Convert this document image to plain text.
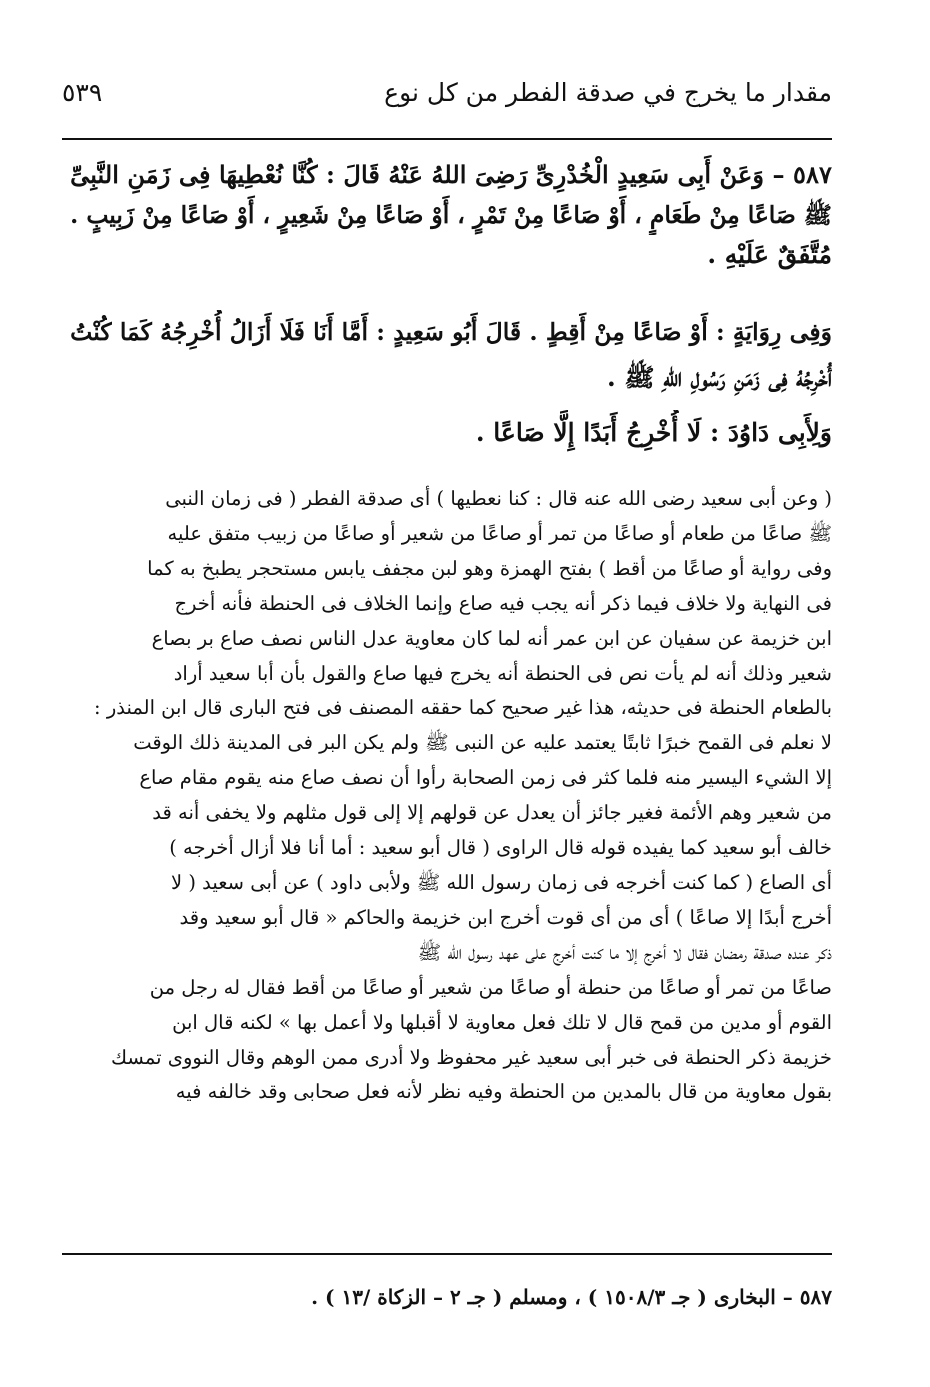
مقدار ما يخرج في صدقة الفطر من كل نوع
٥٣٩
٥٨٧ – وَعَنْ أَبِى سَعِيدٍ الْخُدْرِىِّ رَضِىَ اللهُ عَنْهُ قَالَ : كُنَّا نُعْطِيهَا فِى زَمَنِ النَّبِىِّ
ﷺ صَاعًا مِنْ طَعَامٍ ، أَوْ صَاعًا مِنْ تَمْرٍ ، أَوْ صَاعًا مِنْ شَعِيرٍ ، أَوْ صَاعًا مِنْ زَبِيبٍ .
مُتَّفَقٌ عَلَيْهِ .
وَفِى رِوَايَةٍ : أَوْ صَاعًا مِنْ أَقِطٍ . قَالَ أَبُو سَعِيدٍ : أَمَّا أَنَا فَلَا أَزَالُ أُخْرِجُهُ كَمَا كُنْتُ
أُخْرِجُهُ فِى زَمَنِ رَسُولِ اللهِ ﷺ .
وَلِأَبِى دَاوُدَ : لَا أُخْرِجُ أَبَدًا إِلَّا صَاعًا .
( وعن أبى سعيد رضى الله عنه قال : كنا نعطيها ) أى صدقة الفطر ( فى زمان النبى
ﷺ صاعًا من طعام أو صاعًا من تمر أو صاعًا من شعير أو صاعًا من زبيب متفق عليه
وفى رواية أو صاعًا من أقط ) بفتح الهمزة وهو لبن مجفف يابس مستحجر يطبخ به كما
فى النهاية ولا خلاف فيما ذكر أنه يجب فيه صاع وإنما الخلاف فى الحنطة فأنه أخرج
ابن خزيمة عن سفيان عن ابن عمر أنه لما كان معاوية عدل الناس نصف صاع بر بصاع
شعير وذلك أنه لم يأت نص فى الحنطة أنه يخرج فيها صاع والقول بأن أبا سعيد أراد
بالطعام الحنطة فى حديثه، هذا غير صحيح كما حققه المصنف فى فتح البارى قال ابن المنذر :
لا نعلم فى القمح خبرًا ثابتًا يعتمد عليه عن النبى ﷺ ولم يكن البر فى المدينة ذلك الوقت
إلا الشيء اليسير منه فلما كثر فى زمن الصحابة رأوا أن نصف صاع منه يقوم مقام صاع
من شعير وهم الأئمة فغير جائز أن يعدل عن قولهم إلا إلى قول مثلهم ولا يخفى أنه قد
خالف أبو سعيد كما يفيده قوله قال الراوى ( قال أبو سعيد : أما أنا فلا أزال أخرجه )
أى الصاع ( كما كنت أخرجه فى زمان رسول الله ﷺ ولأبى داود ) عن أبى سعيد ( لا
أخرج أبدًا إلا صاعًا ) أى من أى قوت أخرج ابن خزيمة والحاكم « قال أبو سعيد وقد
ذكر عنده صدقة رمضان فقال لا أخرج إلا ما كنت أخرج على عهد رسول الله ﷺ
صاعًا من تمر أو صاعًا من حنطة أو صاعًا من شعير أو صاعًا من أقط فقال له رجل من
القوم أو مدين من قمح قال لا تلك فعل معاوية لا أقبلها ولا أعمل بها » لكنه قال ابن
خزيمة ذكر الحنطة فى خبر أبى سعيد غير محفوظ ولا أدرى ممن الوهم وقال النووى تمسك
بقول معاوية من قال بالمدين من الحنطة وفيه نظر لأنه فعل صحابى وقد خالفه فيه
٥٨٧ – البخارى ( جـ ١٥٠٨/٣ ) ، ومسلم ( جـ ٢ – الزكاة /١٣ ) .
